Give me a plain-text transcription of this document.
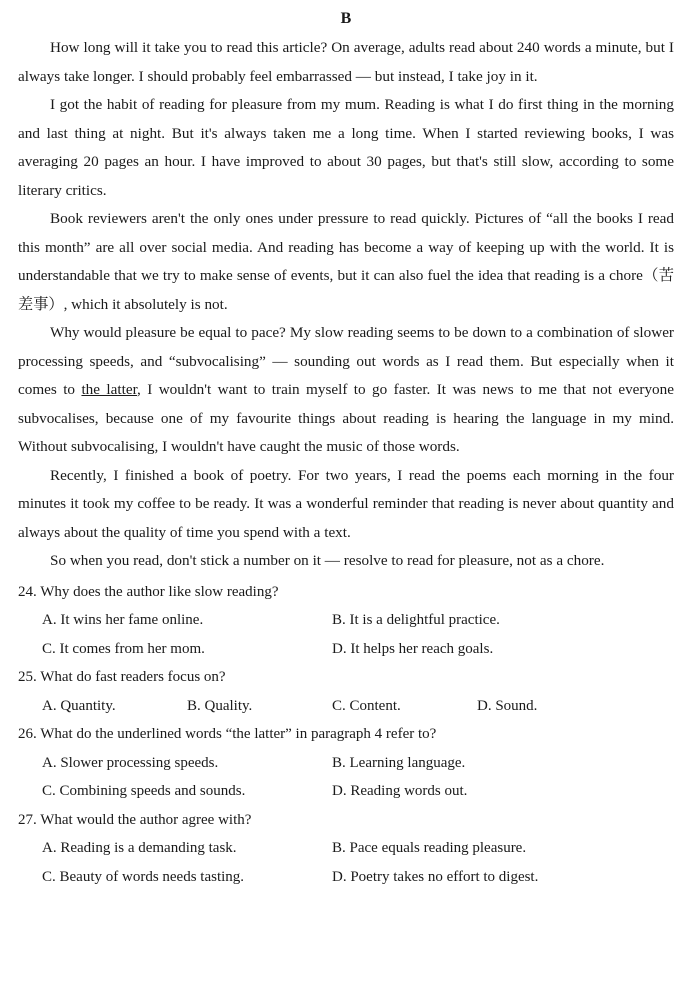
B

How long will it take you to read this article? On average, adults read about 240 words a minute, but I always take longer. I should probably feel embarrassed — but instead, I take joy in it.

I got the habit of reading for pleasure from my mum. Reading is what I do first thing in the morning and last thing at night. But it's always taken me a long time. When I started reviewing books, I was averaging 20 pages an hour. I have improved to about 30 pages, but that's still slow, according to some literary critics.

Book reviewers aren't the only ones under pressure to read quickly. Pictures of “all the books I read this month” are all over social media. And reading has become a way of keeping up with the world. It is understandable that we try to make sense of events, but it can also fuel the idea that reading is a chore（苦差事）, which it absolutely is not.

Why would pleasure be equal to pace? My slow reading seems to be down to a combination of slower processing speeds, and “subvocalising” — sounding out words as I read them. But especially when it comes to the latter, I wouldn't want to train myself to go faster. It was news to me that not everyone subvocalises, because one of my favourite things about reading is hearing the language in my mind. Without subvocalising, I wouldn't have caught the music of those words.

Recently, I finished a book of poetry. For two years, I read the poems each morning in the four minutes it took my coffee to be ready. It was a wonderful reminder that reading is never about quantity and always about the quality of time you spend with a text.

So when you read, don't stick a number on it — resolve to read for pleasure, not as a chore.

24. Why does the author like slow reading?

A. It wins her fame online.	B. It is a delightful practice.
C. It comes from her mom.	D. It helps her reach goals.

25. What do fast readers focus on?

A. Quantity.	B. Quality.	C. Content.	D. Sound.

26. What do the underlined words “the latter” in paragraph 4 refer to?

A. Slower processing speeds.	B. Learning language.
C. Combining speeds and sounds.	D. Reading words out.

27. What would the author agree with?

A. Reading is a demanding task.	B. Pace equals reading pleasure.
C. Beauty of words needs tasting.	D. Poetry takes no effort to digest.
